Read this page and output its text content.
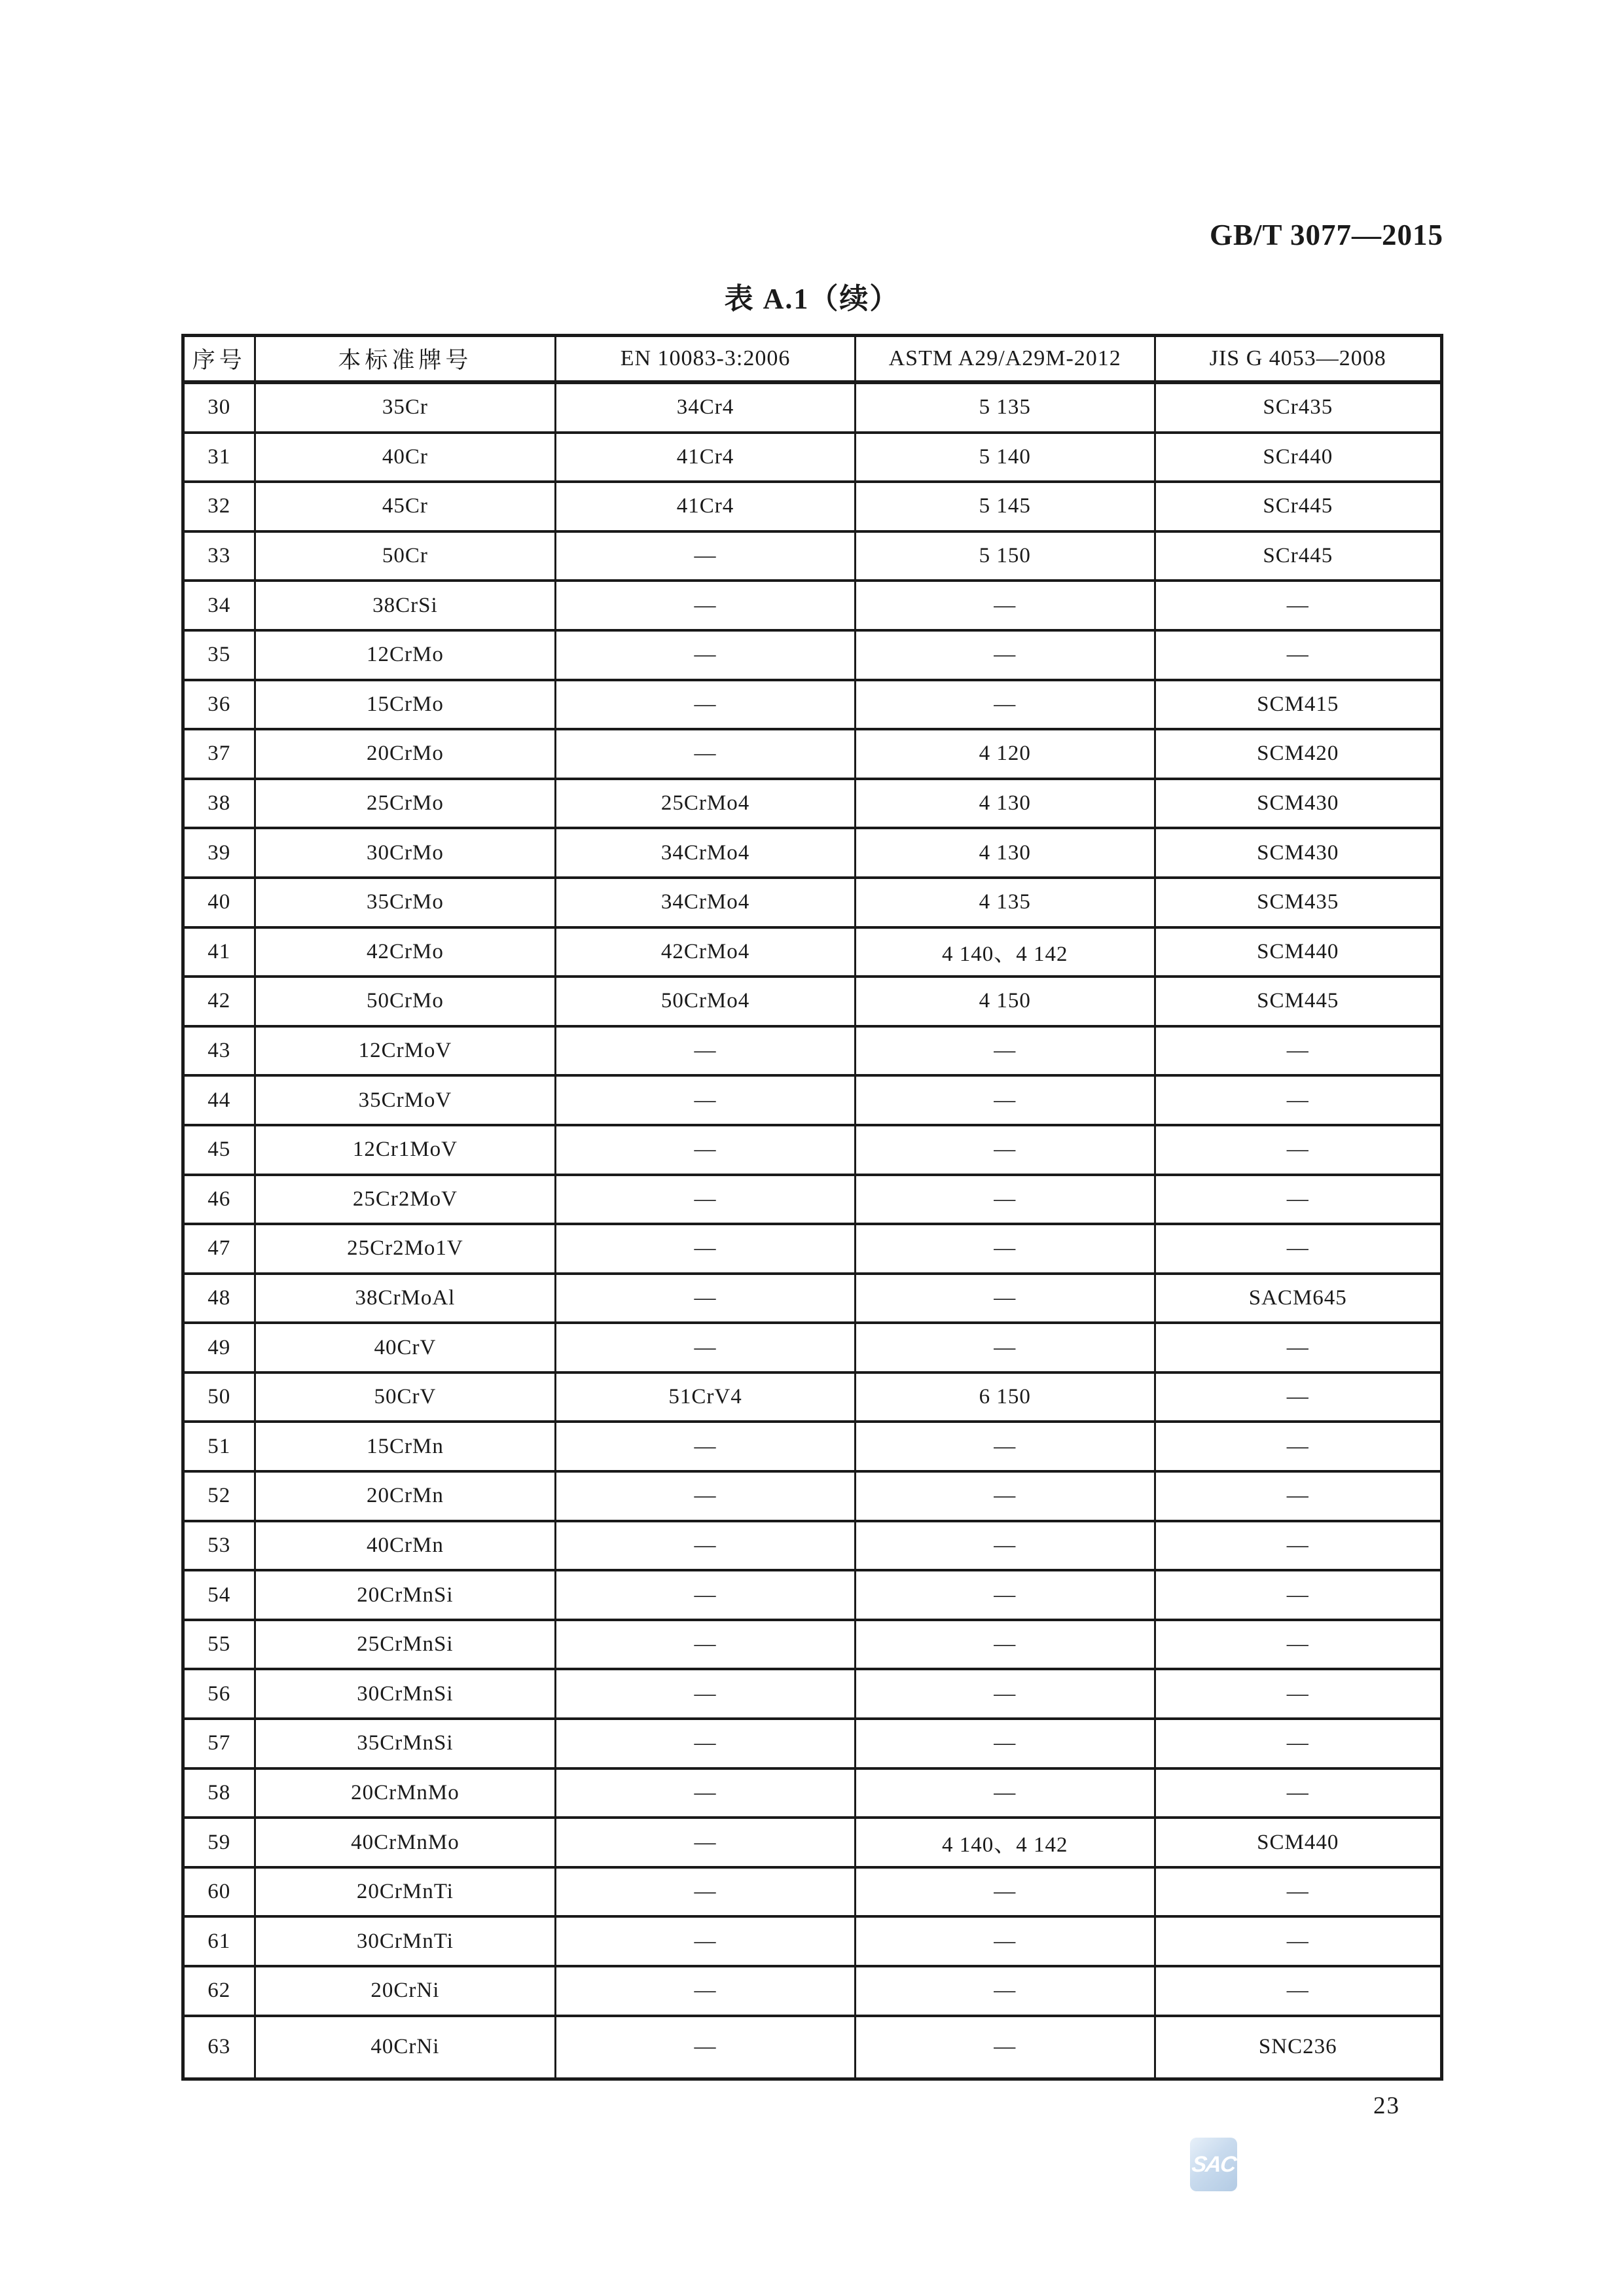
GB/T 3077—2015
表 A.1（续）
序号	本标准牌号	EN 10083-3:2006	ASTM A29/A29M-2012	JIS G 4053—2008
30	35Cr	34Cr4	5 135	SCr435
31	40Cr	41Cr4	5 140	SCr440
32	45Cr	41Cr4	5 145	SCr445
33	50Cr	—	5 150	SCr445
34	38CrSi	—	—	—
35	12CrMo	—	—	—
36	15CrMo	—	—	SCM415
37	20CrMo	—	4 120	SCM420
38	25CrMo	25CrMo4	4 130	SCM430
39	30CrMo	34CrMo4	4 130	SCM430
40	35CrMo	34CrMo4	4 135	SCM435
41	42CrMo	42CrMo4	4 140、4 142	SCM440
42	50CrMo	50CrMo4	4 150	SCM445
43	12CrMoV	—	—	—
44	35CrMoV	—	—	—
45	12Cr1MoV	—	—	—
46	25Cr2MoV	—	—	—
47	25Cr2Mo1V	—	—	—
48	38CrMoAl	—	—	SACM645
49	40CrV	—	—	—
50	50CrV	51CrV4	6 150	—
51	15CrMn	—	—	—
52	20CrMn	—	—	—
53	40CrMn	—	—	—
54	20CrMnSi	—	—	—
55	25CrMnSi	—	—	—
56	30CrMnSi	—	—	—
57	35CrMnSi	—	—	—
58	20CrMnMo	—	—	—
59	40CrMnMo	—	4 140、4 142	SCM440
60	20CrMnTi	—	—	—
61	30CrMnTi	—	—	—
62	20CrNi	—	—	—
63	40CrNi	—	—	SNC236
23
SAC
